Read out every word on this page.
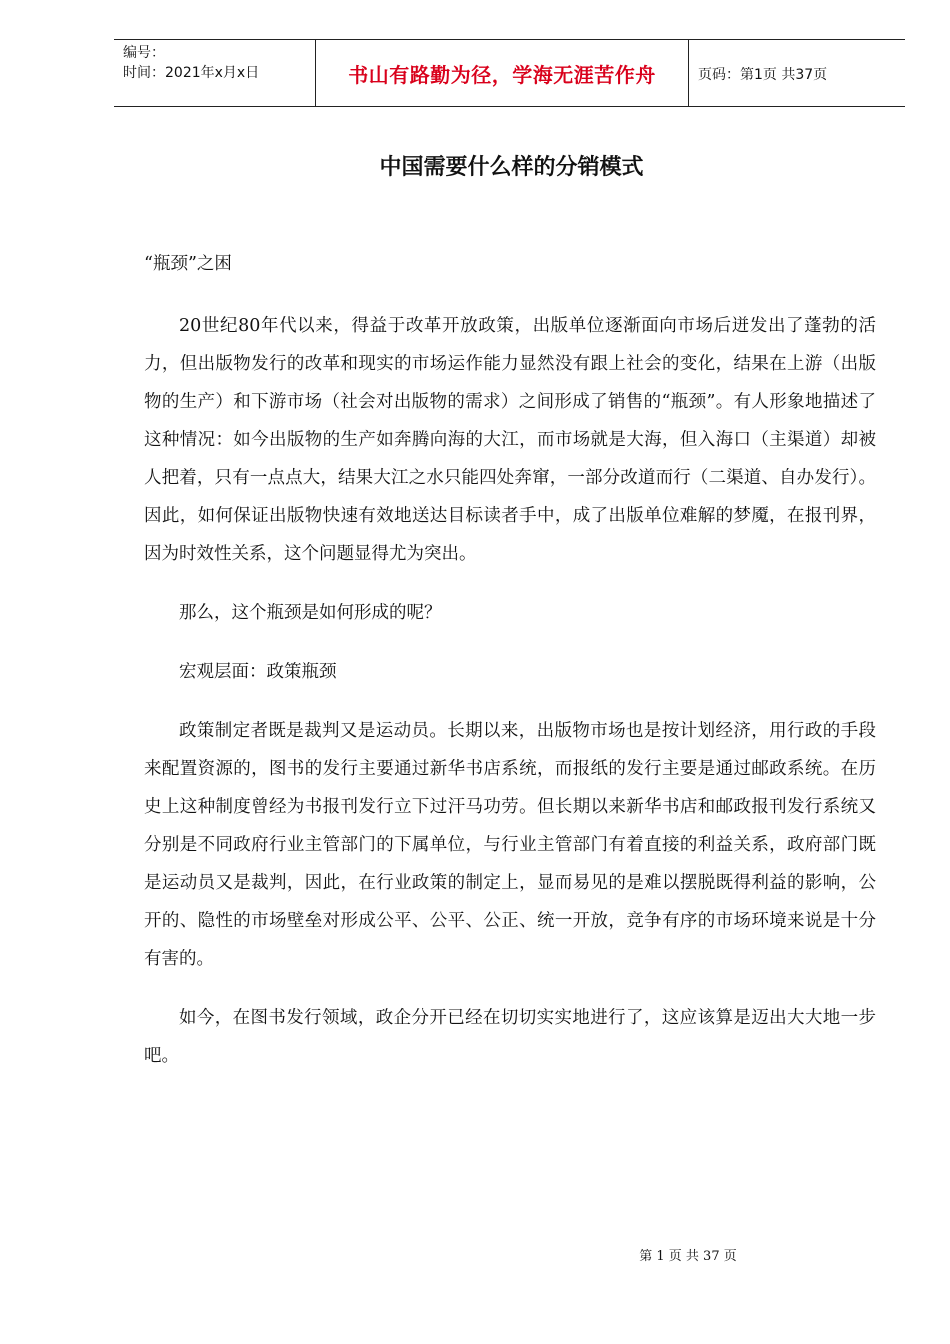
编号：
时间：2021年x月x日	书山有路勤为径，学海无涯苦作舟	页码：第1页 共37页
中国需要什么样的分销模式

“瓶颈”之困

20世纪80年代以来，得益于改革开放政策，出版单位逐渐面向市场后迸发出了蓬勃的活力，但出版物发行的改革和现实的市场运作能力显然没有跟上社会的变化，结果在上游（出版物的生产）和下游市场（社会对出版物的需求）之间形成了销售的“瓶颈”。有人形象地描述了这种情况：如今出版物的生产如奔腾向海的大江，而市场就是大海，但入海口（主渠道）却被人把着，只有一点点大，结果大江之水只能四处奔窜，一部分改道而行（二渠道、自办发行）。因此，如何保证出版物快速有效地送达目标读者手中，成了出版单位难解的梦魇，在报刊界，因为时效性关系，这个问题显得尤为突出。

那么，这个瓶颈是如何形成的呢？

宏观层面：政策瓶颈

政策制定者既是裁判又是运动员。长期以来，出版物市场也是按计划经济，用行政的手段来配置资源的，图书的发行主要通过新华书店系统，而报纸的发行主要是通过邮政系统。在历史上这种制度曾经为书报刊发行立下过汗马功劳。但长期以来新华书店和邮政报刊发行系统又分别是不同政府行业主管部门的下属单位，与行业主管部门有着直接的利益关系，政府部门既是运动员又是裁判，因此，在行业政策的制定上，显而易见的是难以摆脱既得利益的影响，公开的、隐性的市场壁垒对形成公平、公平、公正、统一开放，竞争有序的市场环境来说是十分有害的。

如今，在图书发行领域，政企分开已经在切切实实地进行了，这应该算是迈出大大地一步吧。

第 1 页 共 37 页
